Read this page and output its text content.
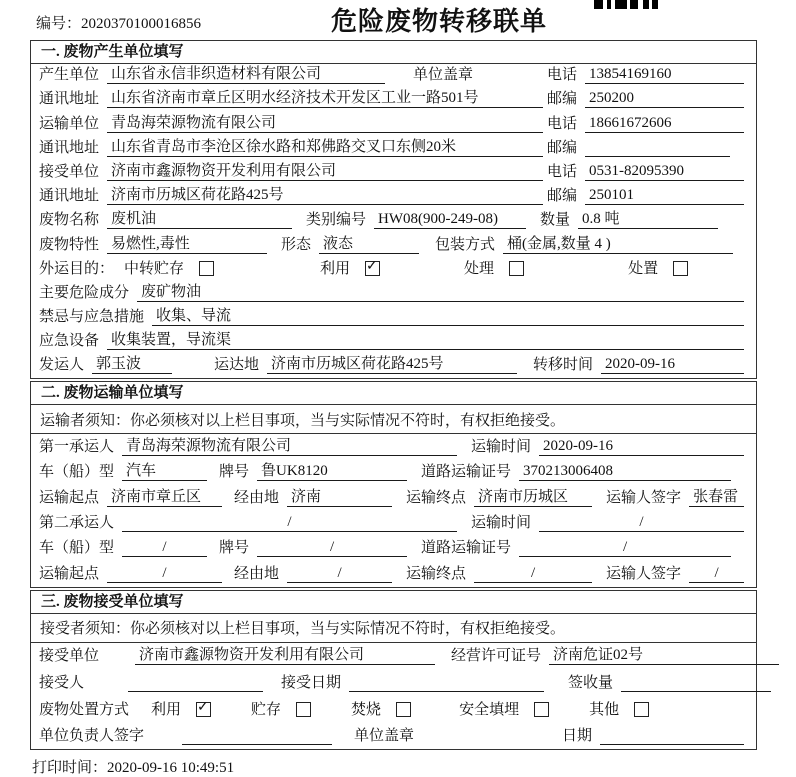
编号：2020370100016856	危险废物转移联单
一. 废物产生单位填写
产生单位 山东省永信非织造材料有限公司	单位盖章	电话 13854169160
通讯地址 山东省济南市章丘区明水经济技术开发区工业一路501号	邮编 250200
运输单位 青岛海荣源物流有限公司	电话 18661672606
通讯地址 山东省青岛市李沧区徐水路和郑佛路交叉口东侧20米	邮编
接受单位 济南市鑫源物资开发利用有限公司	电话 0531-82095390
通讯地址 济南市历城区荷花路425号	邮编 250101
废物名称 废机油	类别编号 HW08(900-249-08)	数量 0.8 吨
废物特性 易燃性,毒性	形态 液态	包装方式 桶(金属,数量 4 )
外运目的： 中转贮存	利用 ✓	处理	处置
主要危险成分 废矿物油
禁忌与应急措施 收集、导流
应急设备 收集装置，导流渠
发运人 郭玉波	运达地 济南市历城区荷花路425号	转移时间 2020-09-16
二. 废物运输单位填写
运输者须知：你必须核对以上栏目事项，当与实际情况不符时，有权拒绝接受。
第一承运人 青岛海荣源物流有限公司	运输时间 2020-09-16
车（船）型 汽车	牌号 鲁UK8120	道路运输证号 370213006408
运输起点 济南市章丘区	经由地 济南	运输终点 济南市历城区	运输人签字 张春雷
第二承运人	/	运输时间	/
车（船）型	/	牌号	/	道路运输证号	/
运输起点	/	经由地	/	运输终点	/	运输人签字	/
三. 废物接受单位填写
接受者须知：你必须核对以上栏目事项，当与实际情况不符时，有权拒绝接受。
接受单位	济南市鑫源物资开发利用有限公司	经营许可证号 济南危证02号
接受人	接受日期	签收量
废物处置方式 利用 ✓	贮存	焚烧	安全填埋	其他
单位负责人签字	单位盖章	日期
打印时间：2020-09-16 10:49:51
